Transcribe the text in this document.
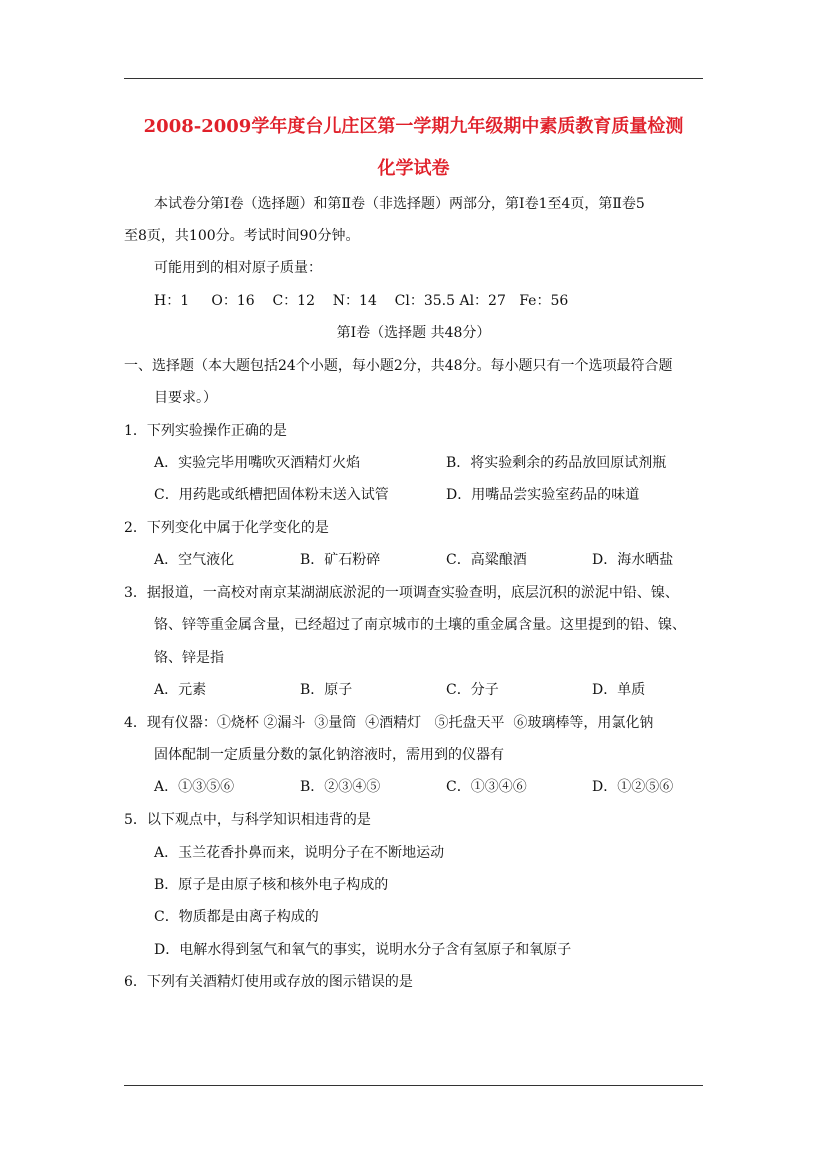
2008-2009学年度台儿庄区第一学期九年级期中素质教育质量检测
化学试卷
本试卷分第Ⅰ卷（选择题）和第Ⅱ卷（非选择题）两部分，第Ⅰ卷1至4页，第Ⅱ卷5
至8页，共100分。考试时间90分钟。
可能用到的相对原子质量：
H：1     O：16    C：12    N：14    Cl：35.5 Al：27   Fe：56
第Ⅰ卷（选择题 共48分）
一、选择题（本大题包括24个小题，每小题2分，共48分。每小题只有一个选项最符合题
目要求。）
1．下列实验操作正确的是
A．实验完毕用嘴吹灭酒精灯火焰	B．将实验剩余的药品放回原试剂瓶
C．用药匙或纸槽把固体粉末送入试管	D．用嘴品尝实验室药品的味道
2．下列变化中属于化学变化的是
A．空气液化	B．矿石粉碎	C．高粱酿酒	D．海水晒盐
3．据报道，一高校对南京某湖湖底淤泥的一项调查实验查明，底层沉积的淤泥中铅、镍、
铬、锌等重金属含量，已经超过了南京城市的土壤的重金属含量。这里提到的铅、镍、
铬、锌是指
A．元素	B．原子	C．分子	D．单质
4．现有仪器：①烧杯 ②漏斗  ③量筒  ④酒精灯   ⑤托盘天平  ⑥玻璃棒等，用氯化钠
固体配制一定质量分数的氯化钠溶液时，需用到的仪器有
A．①③⑤⑥	B．②③④⑤	C．①③④⑥	D．①②⑤⑥
5．以下观点中，与科学知识相违背的是
A．玉兰花香扑鼻而来，说明分子在不断地运动
B．原子是由原子核和核外电子构成的
C．物质都是由离子构成的
D．电解水得到氢气和氧气的事实，说明水分子含有氢原子和氧原子
6．下列有关酒精灯使用或存放的图示错误的是
